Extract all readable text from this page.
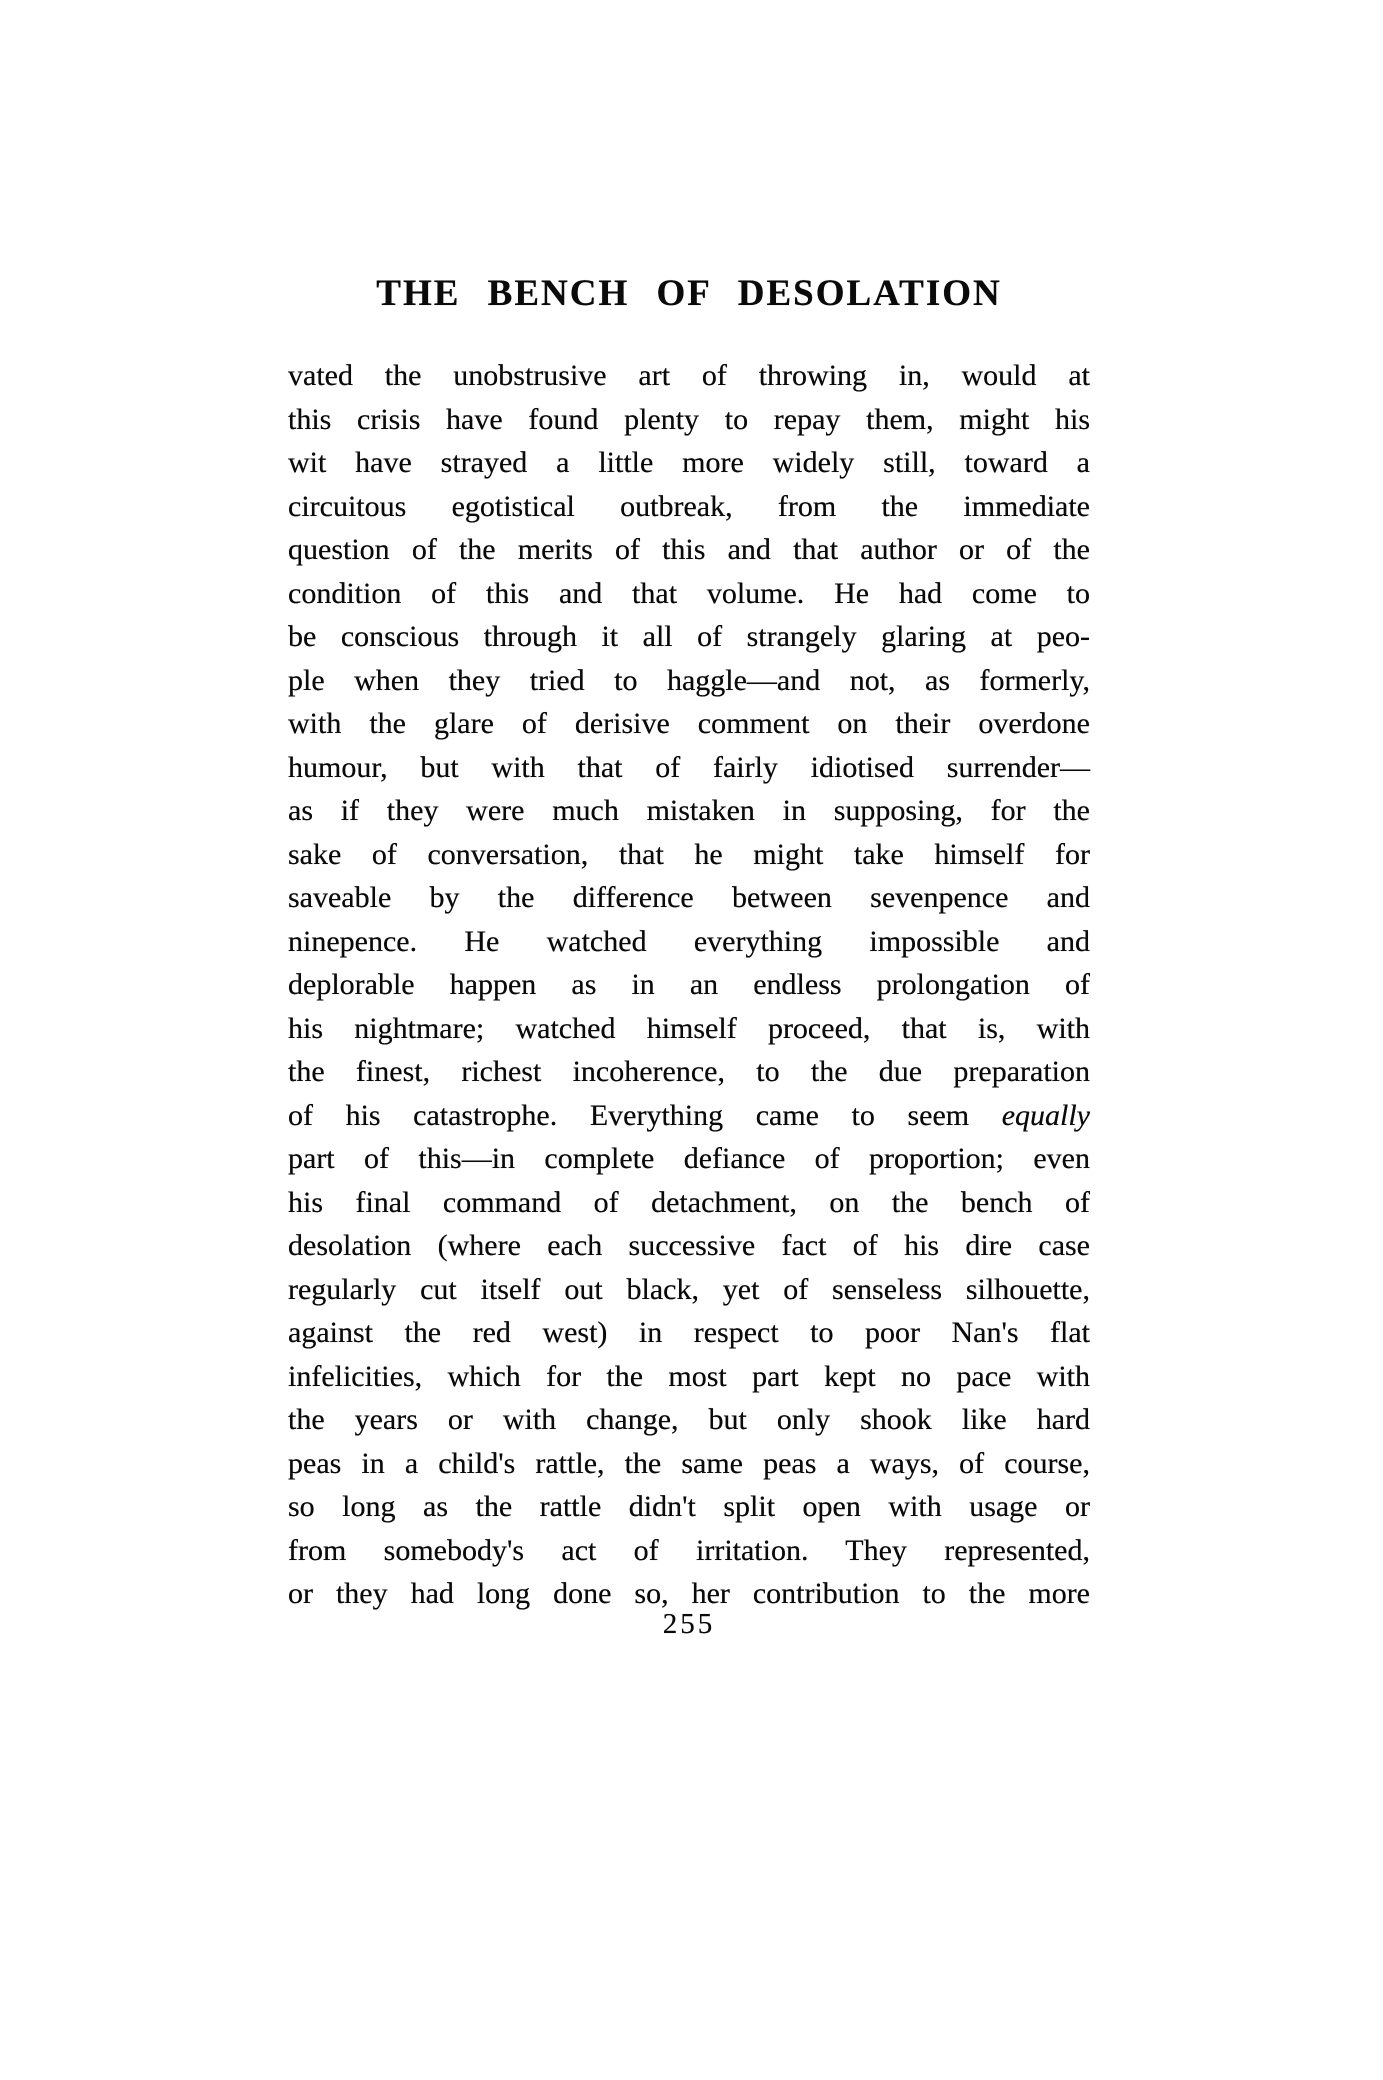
THE BENCH OF DESOLATION
vated the unobstrusive art of throwing in, would at
this crisis have found plenty to repay them, might his
wit have strayed a little more widely still, toward a
circuitous egotistical outbreak, from the immediate
question of the merits of this and that author or of the
condition of this and that volume. He had come to
be conscious through it all of strangely glaring at peo-
ple when they tried to haggle—and not, as formerly,
with the glare of derisive comment on their overdone
humour, but with that of fairly idiotised surrender—
as if they were much mistaken in supposing, for the
sake of conversation, that he might take himself for
saveable by the difference between sevenpence and
ninepence. He watched everything impossible and
deplorable happen as in an endless prolongation of
his nightmare; watched himself proceed, that is, with
the finest, richest incoherence, to the due preparation
of his catastrophe. Everything came to seem equally
part of this—in complete defiance of proportion; even
his final command of detachment, on the bench of
desolation (where each successive fact of his dire case
regularly cut itself out black, yet of senseless silhouette,
against the red west) in respect to poor Nan's flat
infelicities, which for the most part kept no pace with
the years or with change, but only shook like hard
peas in a child's rattle, the same peas a ways, of course,
so long as the rattle didn't split open with usage or
from somebody's act of irritation. They represented,
or they had long done so, her contribution to the more
255
